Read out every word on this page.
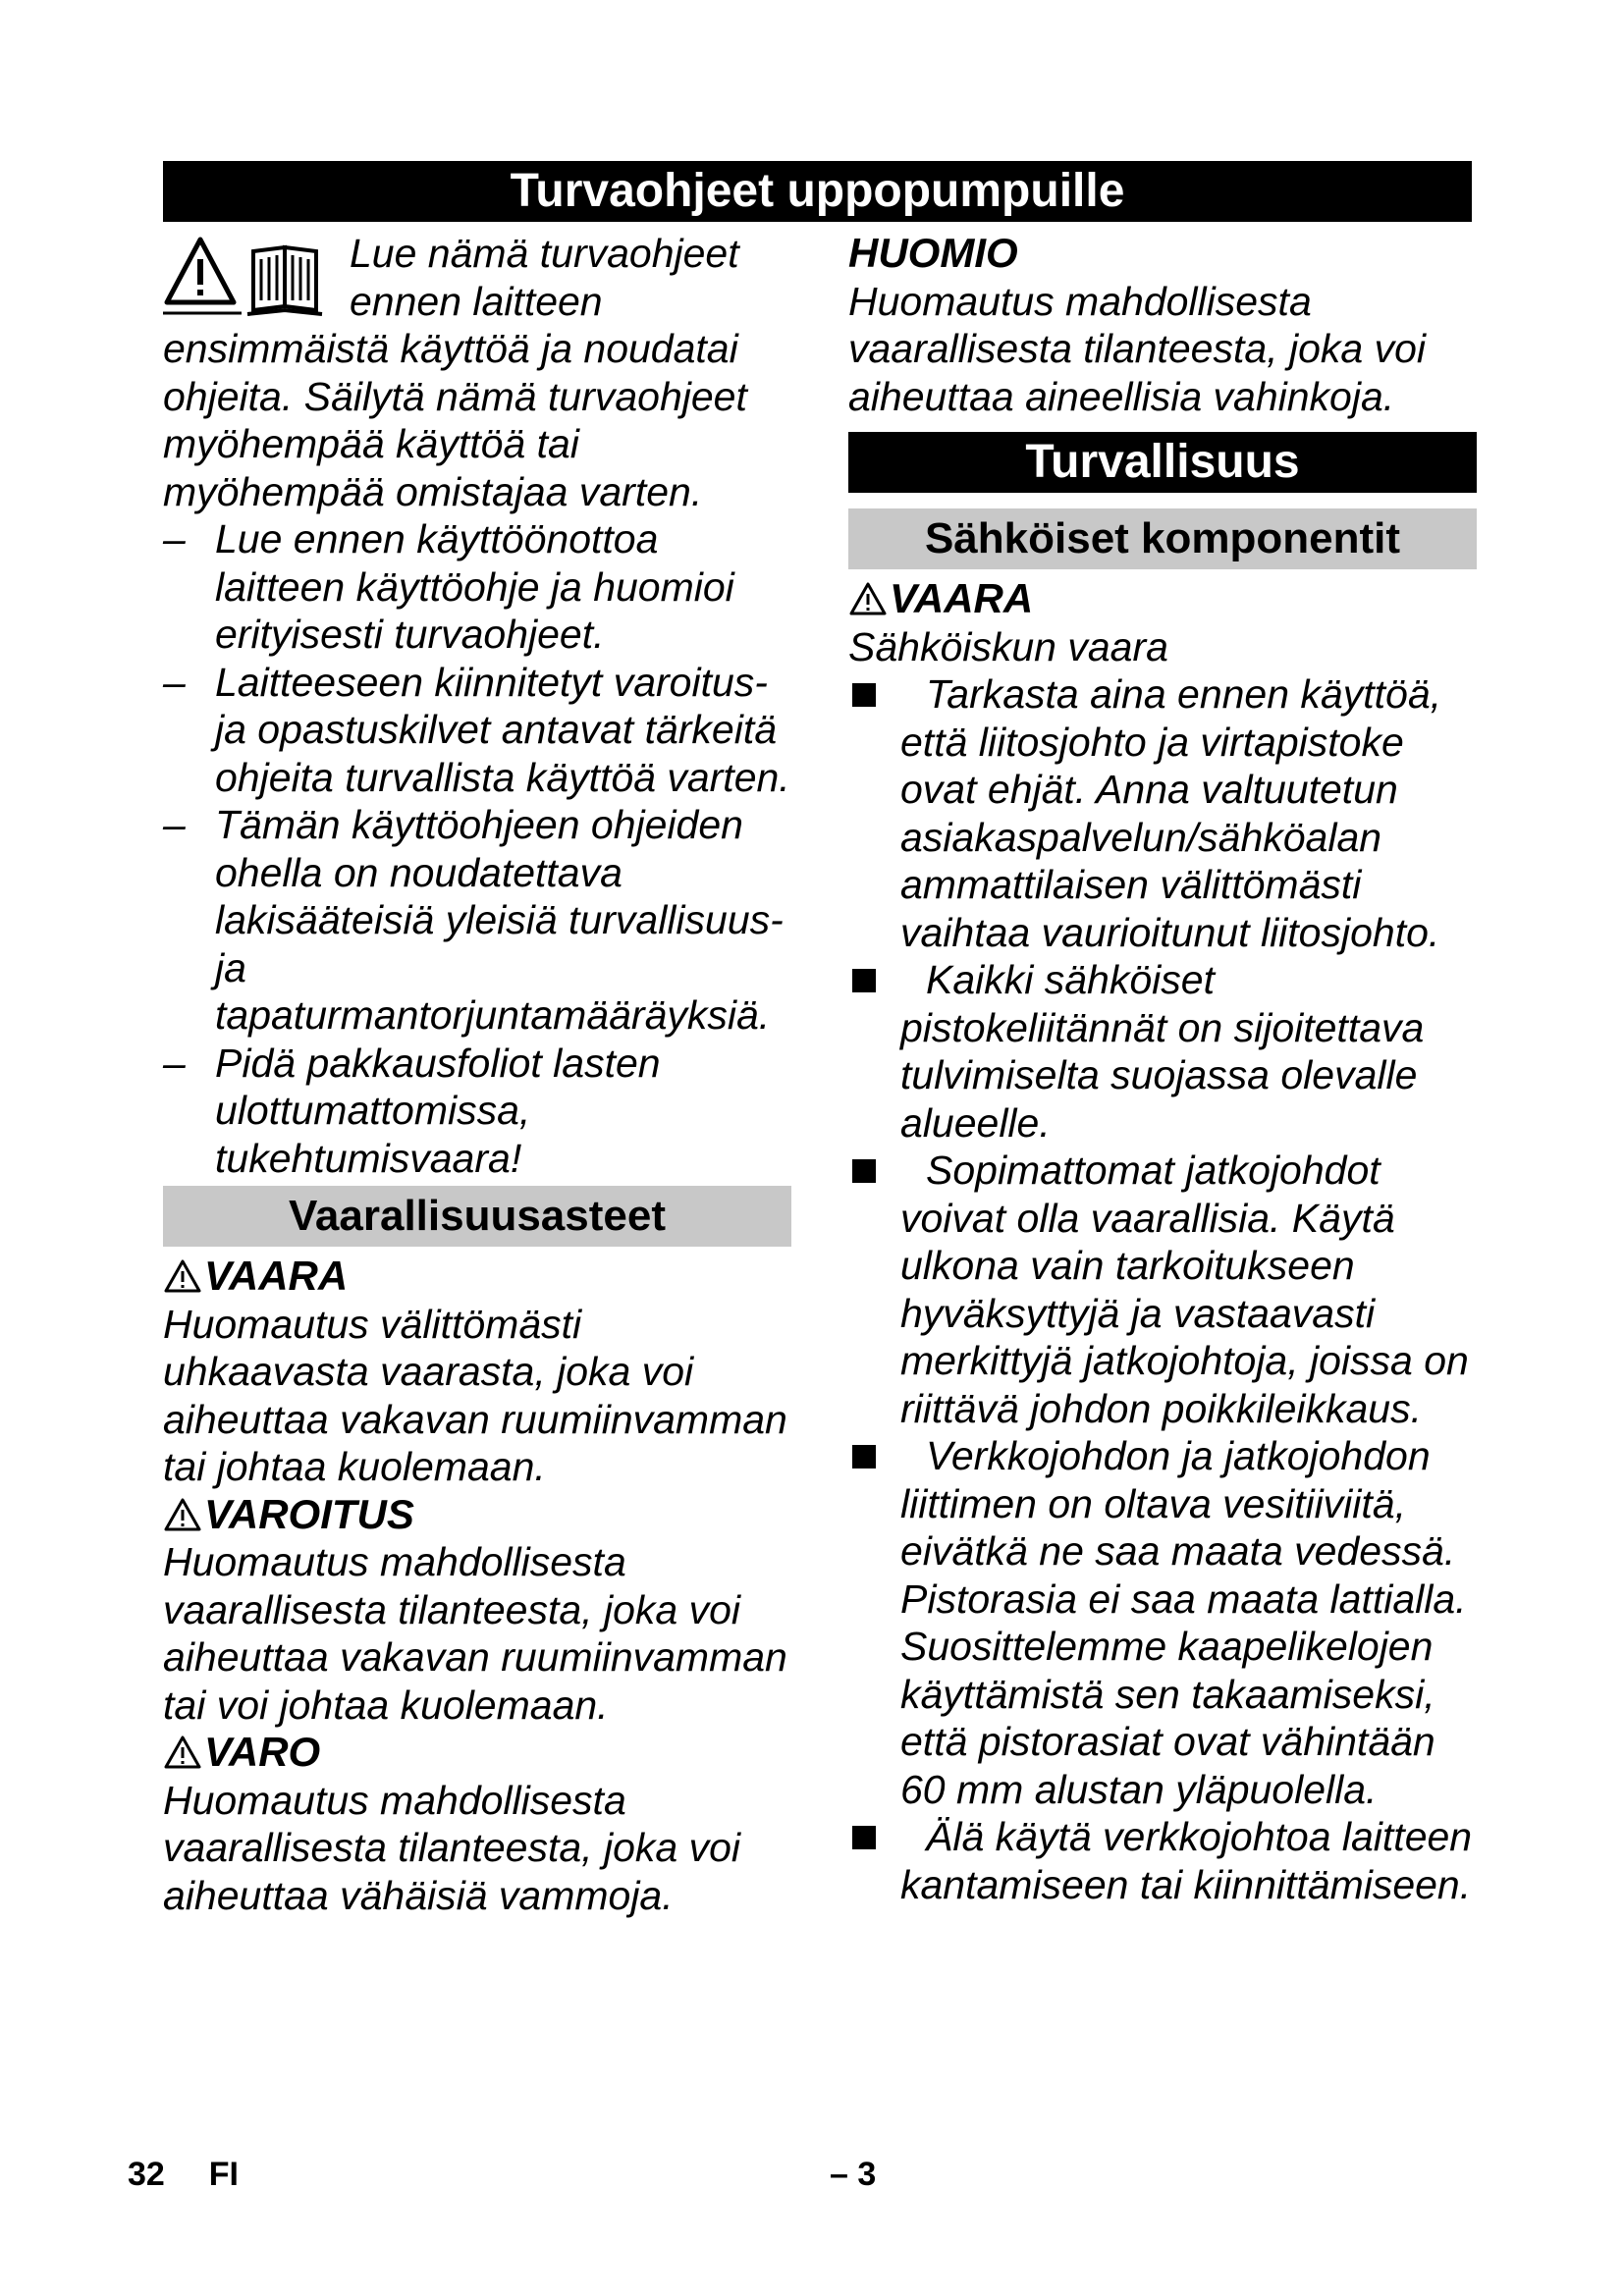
Turvaohjeet uppopumpuille

Lue nämä turvaohjeet ennen laitteen ensimmäistä käyttöä ja noudatai ohjeita. Säilytä nämä turvaohjeet myöhempää käyttöä tai myöhempää omistajaa varten.

– Lue ennen käyttöönottoa laitteen käyttöohje ja huomioi erityisesti turvaohjeet.
– Laitteeseen kiinnitetyt varoitus- ja opastuskilvet antavat tärkeitä ohjeita turvallista käyttöä varten.
– Tämän käyttöohjeen ohjeiden ohella on noudatettava lakisääteisiä yleisiä turvallisuus- ja tapaturmantorjuntamääräyksiä.
– Pidä pakkausfoliot lasten ulottumattomissa, tukehtumisvaara!
Vaarallisuusasteet
VAARA

Huomautus välittömästi uhkaavasta vaarasta, joka voi aiheuttaa vakavan ruumiinvamman tai johtaa kuolemaan.

VAROITUS

Huomautus mahdollisesta vaarallisesta tilanteesta, joka voi aiheuttaa vakavan ruumiinvamman tai voi johtaa kuolemaan.

VARO

Huomautus mahdollisesta vaarallisesta tilanteesta, joka voi aiheuttaa vähäisiä vammoja.

HUOMIO

Huomautus mahdollisesta vaarallisesta tilanteesta, joka voi aiheuttaa aineellisia vahinkoja.

Turvallisuus
Sähköiset komponentit
VAARA

Sähköiskun vaara

Tarkasta aina ennen käyttöä, että liitosjohto ja virtapistoke ovat ehjät. Anna valtuutetun asiakaspalvelun/sähköalan ammattilaisen välittömästi vaihtaa vaurioitunut liitosjohto.
Kaikki sähköiset pistokeliitännät on sijoitettava tulvimiselta suojassa olevalle alueelle.
Sopimattomat jatkojohdot voivat olla vaarallisia. Käytä ulkona vain tarkoitukseen hyväksyttyjä ja vastaavasti merkittyjä jatkojohtoja, joissa on riittävä johdon poikkileikkaus.
Verkkojohdon ja jatkojohdon liittimen on oltava vesitiiviitä, eivätkä ne saa maata vedessä. Pistorasia ei saa maata lattialla. Suosittelemme kaapelikelojen käyttämistä sen takaamiseksi, että pistorasiat ovat vähintään 60 mm alustan yläpuolella.
Älä käytä verkkojohtoa laitteen kantamiseen tai kiinnittämiseen.
32 FI	– 3
